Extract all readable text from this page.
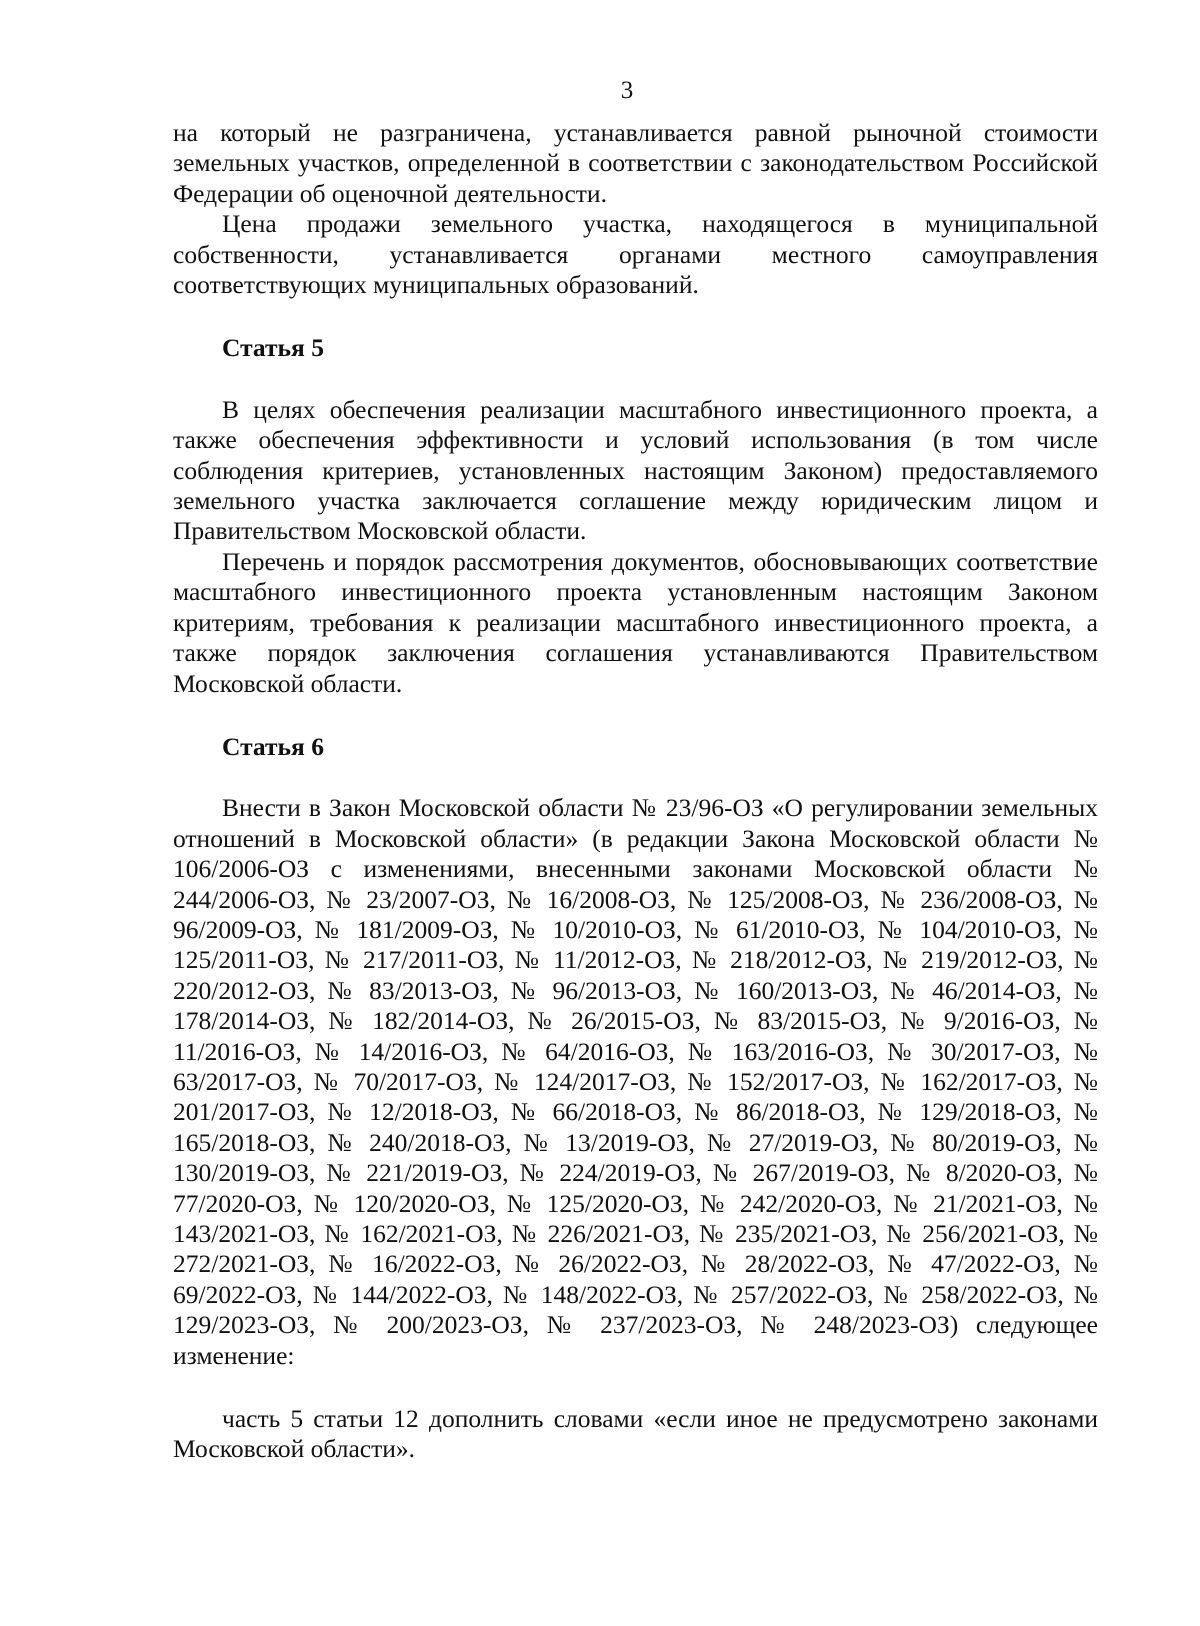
3

на который не разграничена, устанавливается равной рыночной стоимости земельных участков, определенной в соответствии с законодательством Российской Федерации об оценочной деятельности.

Цена продажи земельного участка, находящегося в муниципальной собственности, устанавливается органами местного самоуправления соответствующих муниципальных образований.

Статья 5

В целях обеспечения реализации масштабного инвестиционного проекта, а также обеспечения эффективности и условий использования (в том числе соблюдения критериев, установленных настоящим Законом) предоставляемого земельного участка заключается соглашение между юридическим лицом и Правительством Московской области.

Перечень и порядок рассмотрения документов, обосновывающих соответствие масштабного инвестиционного проекта установленным настоящим Законом критериям, требования к реализации масштабного инвестиционного проекта, а также порядок заключения соглашения устанавливаются Правительством Московской области.

Статья 6

Внести в Закон Московской области № 23/96-ОЗ «О регулировании земельных отношений в Московской области» (в редакции Закона Московской области № 106/2006-ОЗ с изменениями, внесенными законами Московской области № 244/2006-ОЗ, № 23/2007-ОЗ, № 16/2008-ОЗ, № 125/2008-ОЗ, № 236/2008-ОЗ, № 96/2009-ОЗ, № 181/2009-ОЗ, № 10/2010-ОЗ, № 61/2010-ОЗ, № 104/2010-ОЗ, № 125/2011-ОЗ, № 217/2011-ОЗ, № 11/2012-ОЗ, № 218/2012-ОЗ, № 219/2012-ОЗ, № 220/2012-ОЗ, № 83/2013-ОЗ, № 96/2013-ОЗ, № 160/2013-ОЗ, № 46/2014-ОЗ, № 178/2014-ОЗ, № 182/2014-ОЗ, № 26/2015-ОЗ, № 83/2015-ОЗ, № 9/2016-ОЗ, № 11/2016-ОЗ, № 14/2016-ОЗ, № 64/2016-ОЗ, № 163/2016-ОЗ, № 30/2017-ОЗ, № 63/2017-ОЗ, № 70/2017-ОЗ, № 124/2017-ОЗ, № 152/2017-ОЗ, № 162/2017-ОЗ, № 201/2017-ОЗ, № 12/2018-ОЗ, № 66/2018-ОЗ, № 86/2018-ОЗ, № 129/2018-ОЗ, № 165/2018-ОЗ, № 240/2018-ОЗ, № 13/2019-ОЗ, № 27/2019-ОЗ, № 80/2019-ОЗ, № 130/2019-ОЗ, № 221/2019-ОЗ, № 224/2019-ОЗ, № 267/2019-ОЗ, № 8/2020-ОЗ, № 77/2020-ОЗ, № 120/2020-ОЗ, № 125/2020-ОЗ, № 242/2020-ОЗ, № 21/2021-ОЗ, № 143/2021-ОЗ, № 162/2021-ОЗ, № 226/2021-ОЗ, № 235/2021-ОЗ, № 256/2021-ОЗ, № 272/2021-ОЗ, № 16/2022-ОЗ, № 26/2022-ОЗ, № 28/2022-ОЗ, № 47/2022-ОЗ, № 69/2022-ОЗ, № 144/2022-ОЗ, № 148/2022-ОЗ, № 257/2022-ОЗ, № 258/2022-ОЗ, № 129/2023-ОЗ, № 200/2023-ОЗ, № 237/2023-ОЗ, № 248/2023-ОЗ) следующее изменение:

часть 5 статьи 12 дополнить словами «если иное не предусмотрено законами Московской области».
